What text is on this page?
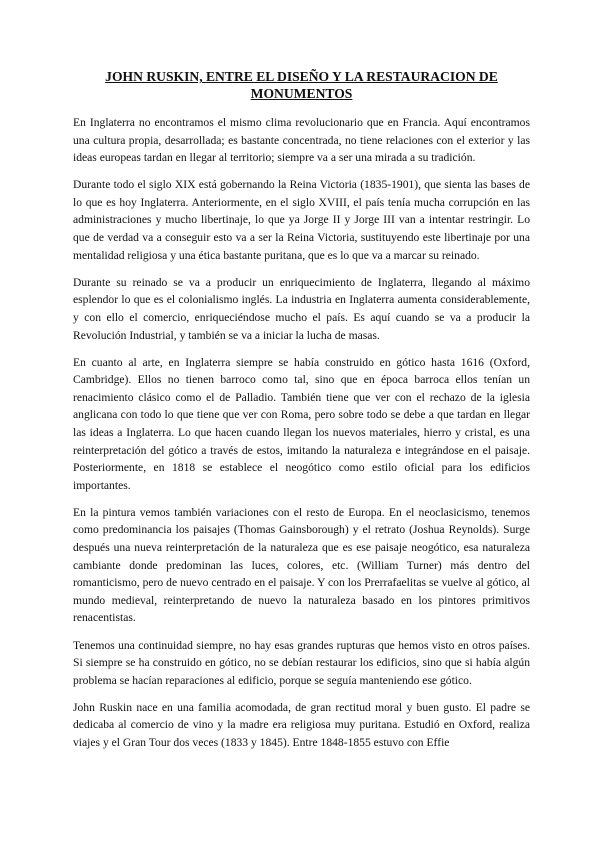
JOHN RUSKIN, ENTRE EL DISEÑO Y LA RESTAURACION DE MONUMENTOS

En Inglaterra no encontramos el mismo clima revolucionario que en Francia. Aquí encontramos una cultura propia, desarrollada; es bastante concentrada, no tiene relaciones con el exterior y las ideas europeas tardan en llegar al territorio; siempre va a ser una mirada a su tradición.

Durante todo el siglo XIX está gobernando la Reina Victoria (1835-1901), que sienta las bases de lo que es hoy Inglaterra. Anteriormente, en el siglo XVIII, el país tenía mucha corrupción en las administraciones y mucho libertinaje, lo que ya Jorge II y Jorge III van a intentar restringir. Lo que de verdad va a conseguir esto va a ser la Reina Victoria, sustituyendo este libertinaje por una mentalidad religiosa y una ética bastante puritana, que es lo que va a marcar su reinado.

Durante su reinado se va a producir un enriquecimiento de Inglaterra, llegando al máximo esplendor lo que es el colonialismo inglés. La industria en Inglaterra aumenta considerablemente, y con ello el comercio, enriqueciéndose mucho el país. Es aquí cuando se va a producir la Revolución Industrial, y también se va a iniciar la lucha de masas.

En cuanto al arte, en Inglaterra siempre se había construido en gótico hasta 1616 (Oxford, Cambridge). Ellos no tienen barroco como tal, sino que en época barroca ellos tenían un renacimiento clásico como el de Palladio. También tiene que ver con el rechazo de la iglesia anglicana con todo lo que tiene que ver con Roma, pero sobre todo se debe a que tardan en llegar las ideas a Inglaterra. Lo que hacen cuando llegan los nuevos materiales, hierro y cristal, es una reinterpretación del gótico a través de estos, imitando la naturaleza e integrándose en el paisaje. Posteriormente, en 1818 se establece el neogótico como estilo oficial para los edificios importantes.

En la pintura vemos también variaciones con el resto de Europa. En el neoclasicismo, tenemos como predominancia los paisajes (Thomas Gainsborough) y el retrato (Joshua Reynolds). Surge después una nueva reinterpretación de la naturaleza que es ese paisaje neogótico, esa naturaleza cambiante donde predominan las luces, colores, etc. (William Turner) más dentro del romanticismo, pero de nuevo centrado en el paisaje. Y con los Prerrafaelitas se vuelve al gótico, al mundo medieval, reinterpretando de nuevo la naturaleza basado en los pintores primitivos renacentistas.

Tenemos una continuidad siempre, no hay esas grandes rupturas que hemos visto en otros países. Si siempre se ha construido en gótico, no se debían restaurar los edificios, sino que si había algún problema se hacían reparaciones al edificio, porque se seguía manteniendo ese gótico.

John Ruskin nace en una familia acomodada, de gran rectitud moral y buen gusto. El padre se dedicaba al comercio de vino y la madre era religiosa muy puritana. Estudió en Oxford, realiza viajes y el Gran Tour dos veces (1833 y 1845). Entre 1848-1855 estuvo con Effie
